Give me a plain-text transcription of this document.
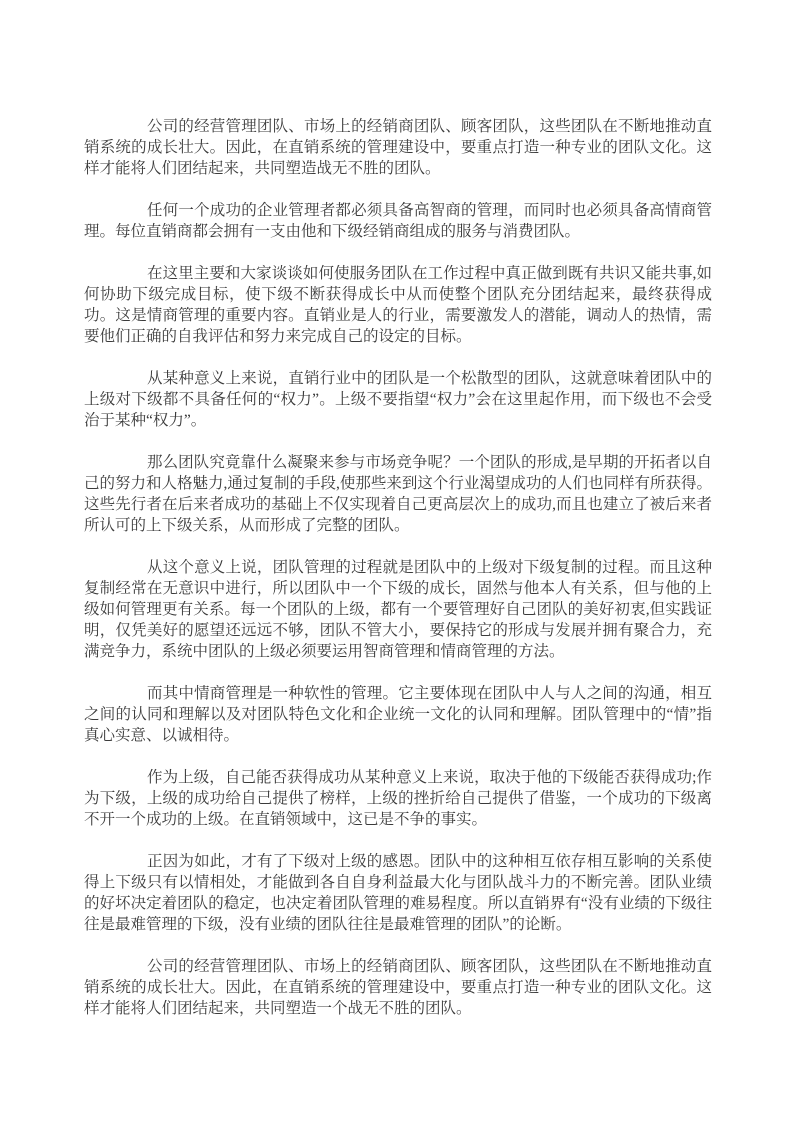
公司的经营管理团队、市场上的经销商团队、顾客团队，这些团队在不断地推动直销系统的成长壮大。因此，在直销系统的管理建设中，要重点打造一种专业的团队文化。这样才能将人们团结起来，共同塑造战无不胜的团队。

任何一个成功的企业管理者都必须具备高智商的管理，而同时也必须具备高情商管理。每位直销商都会拥有一支由他和下级经销商组成的服务与消费团队。

在这里主要和大家谈谈如何使服务团队在工作过程中真正做到既有共识又能共事,如何协助下级完成目标，使下级不断获得成长中从而使整个团队充分团结起来，最终获得成功。这是情商管理的重要内容。直销业是人的行业，需要激发人的潜能，调动人的热情，需要他们正确的自我评估和努力来完成自己的设定的目标。

从某种意义上来说，直销行业中的团队是一个松散型的团队，这就意味着团队中的上级对下级都不具备任何的“权力”。上级不要指望“权力”会在这里起作用，而下级也不会受治于某种“权力”。

那么团队究竟靠什么凝聚来参与市场竞争呢？一个团队的形成,是早期的开拓者以自己的努力和人格魅力,通过复制的手段,使那些来到这个行业渴望成功的人们也同样有所获得。这些先行者在后来者成功的基础上不仅实现着自己更高层次上的成功,而且也建立了被后来者所认可的上下级关系，从而形成了完整的团队。

从这个意义上说，团队管理的过程就是团队中的上级对下级复制的过程。而且这种复制经常在无意识中进行，所以团队中一个下级的成长，固然与他本人有关系，但与他的上级如何管理更有关系。每一个团队的上级，都有一个要管理好自己团队的美好初衷,但实践证明，仅凭美好的愿望还远远不够，团队不管大小，要保持它的形成与发展并拥有聚合力，充满竞争力，系统中团队的上级必须要运用智商管理和情商管理的方法。

而其中情商管理是一种软性的管理。它主要体现在团队中人与人之间的沟通，相互之间的认同和理解以及对团队特色文化和企业统一文化的认同和理解。团队管理中的“情”指真心实意、以诚相待。

作为上级，自己能否获得成功从某种意义上来说，取决于他的下级能否获得成功;作为下级，上级的成功给自己提供了榜样，上级的挫折给自己提供了借鉴，一个成功的下级离不开一个成功的上级。在直销领域中，这已是不争的事实。

正因为如此，才有了下级对上级的感恩。团队中的这种相互依存相互影响的关系使得上下级只有以情相处，才能做到各自自身利益最大化与团队战斗力的不断完善。团队业绩的好坏决定着团队的稳定，也决定着团队管理的难易程度。所以直销界有“没有业绩的下级往往是最难管理的下级，没有业绩的团队往往是最难管理的团队”的论断。

公司的经营管理团队、市场上的经销商团队、顾客团队，这些团队在不断地推动直销系统的成长壮大。因此，在直销系统的管理建设中，要重点打造一种专业的团队文化。这样才能将人们团结起来，共同塑造一个战无不胜的团队。
